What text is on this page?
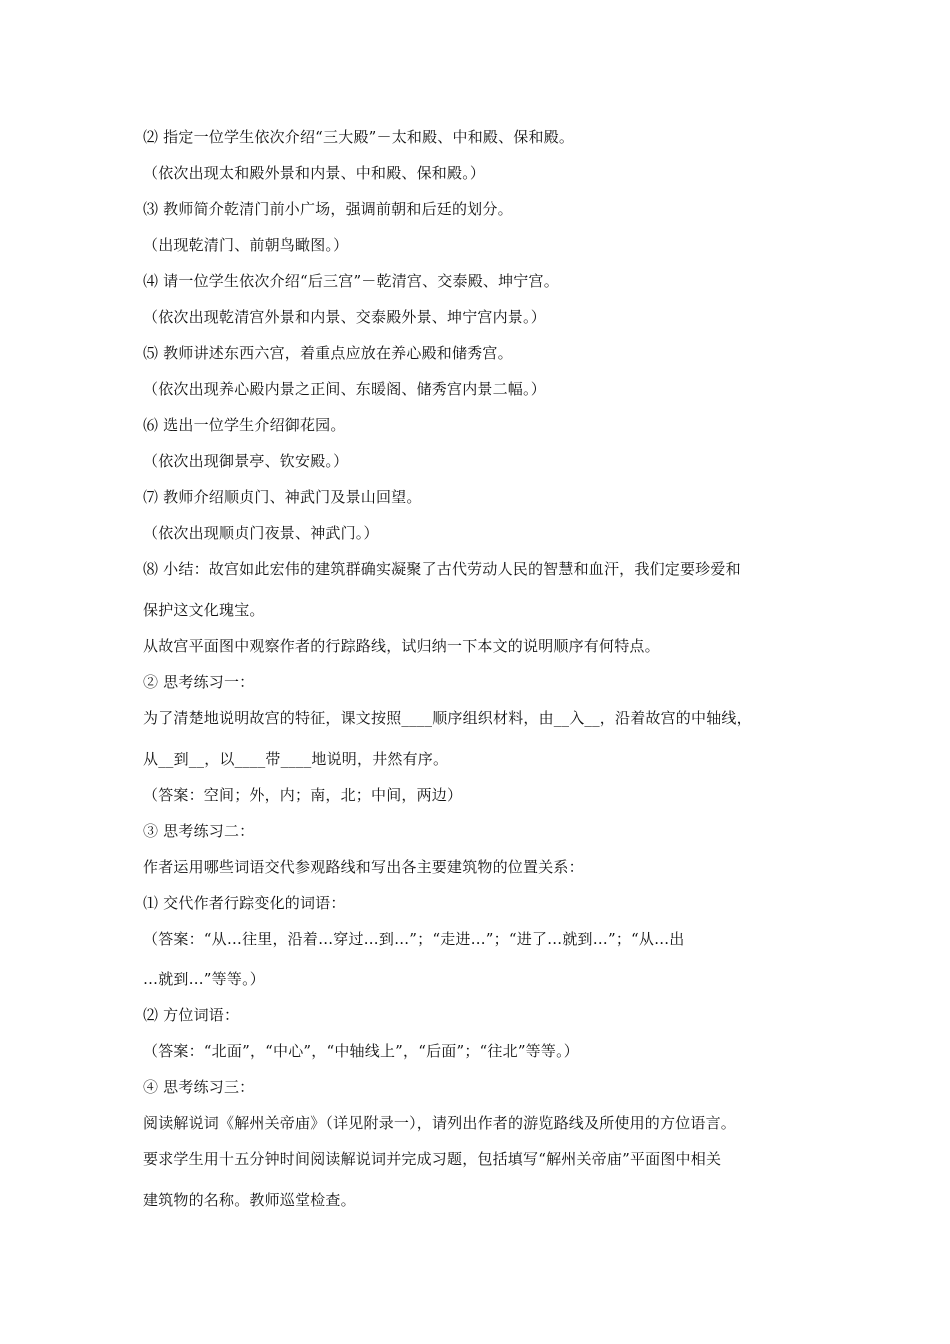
⑵ 指定一位学生依次介绍“三大殿”－太和殿、中和殿、保和殿。
（依次出现太和殿外景和内景、中和殿、保和殿。）
⑶ 教师简介乾清门前小广场，强调前朝和后廷的划分。
（出现乾清门、前朝鸟瞰图。）
⑷ 请一位学生依次介绍“后三宫”－乾清宫、交泰殿、坤宁宫。
（依次出现乾清宫外景和内景、交泰殿外景、坤宁宫内景。）
⑸ 教师讲述东西六宫，着重点应放在养心殿和储秀宫。
（依次出现养心殿内景之正间、东暖阁、储秀宫内景二幅。）
⑹ 选出一位学生介绍御花园。
（依次出现御景亭、钦安殿。）
⑺ 教师介绍顺贞门、神武门及景山回望。
（依次出现顺贞门夜景、神武门。）
⑻ 小结：故宫如此宏伟的建筑群确实凝聚了古代劳动人民的智慧和血汗，我们定要珍爱和
保护这文化瑰宝。
从故宫平面图中观察作者的行踪路线，试归纳一下本文的说明顺序有何特点。
② 思考练习一：
为了清楚地说明故宫的特征，课文按照____顺序组织材料，由__入__，沿着故宫的中轴线，
从__到__，以____带____地说明，井然有序。
（答案：空间；外，内；南，北；中间，两边）
③ 思考练习二：
作者运用哪些词语交代参观路线和写出各主要建筑物的位置关系：
⑴ 交代作者行踪变化的词语：
（答案：“从…往里，沿着…穿过…到…”；“走进…”；“进了…就到…”；“从…出
…就到…”等等。）
⑵ 方位词语：
（答案：“北面”，“中心”，“中轴线上”，“后面”；“往北”等等。）
④ 思考练习三：
阅读解说词《解州关帝庙》（详见附录一），请列出作者的游览路线及所使用的方位语言。
要求学生用十五分钟时间阅读解说词并完成习题，包括填写“解州关帝庙”平面图中相关
建筑物的名称。教师巡堂检查。
